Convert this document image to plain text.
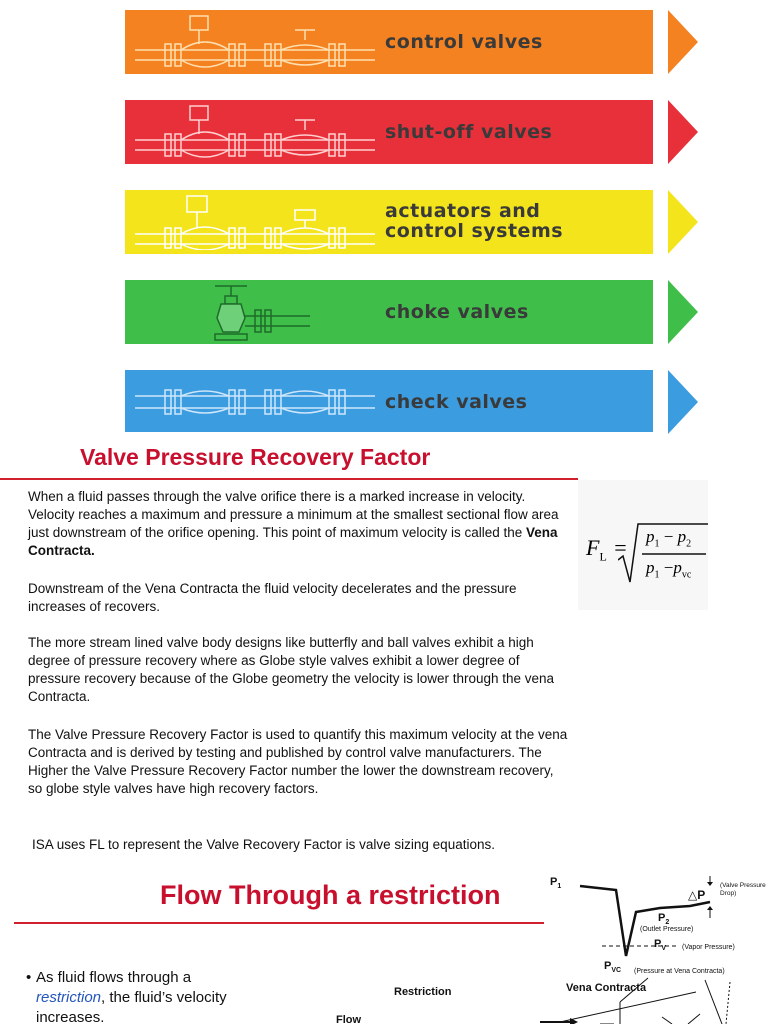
control valves
shut-off valves
actuators and
control systems
choke valves
check valves
Valve Pressure Recovery Factor

When a fluid passes through the valve orifice there is a marked increase in velocity. Velocity reaches a maximum and pressure a minimum at the smallest sectional flow area just downstream of the orifice opening. This point of maximum velocity is called the Vena Contracta.

Downstream of the Vena Contracta the fluid velocity decelerates and the pressure increases of recovers.

The more stream lined valve body designs like butterfly and ball valves exhibit a high degree of pressure recovery where as Globe style valves exhibit a lower degree of pressure recovery because of the Globe geometry the velocity is lower through the vena Contracta.

The Valve Pressure Recovery Factor is used to quantify this maximum velocity at the vena Contracta and is derived by testing and published by control valve manufacturers. The Higher the Valve Pressure Recovery Factor number the lower the downstream recovery, so globe style valves have high recovery factors.

ISA uses FL to represent the Valve Recovery Factor is valve sizing equations.

$F_L = p_1 - p_2$
$p_1 -p_{vc}$
Flow Through a restriction
• As fluid flows through a restriction, the fluid’s velocity increases.
$P_1$
△P
(Valve Pressure Drop)
$P_2$
(Outlet Pressure)
$P_V$ (Vapor Pressure)
$P_{VC}$ (Pressure at Vena Contracta)
Restriction	Vena Contracta
Flow
